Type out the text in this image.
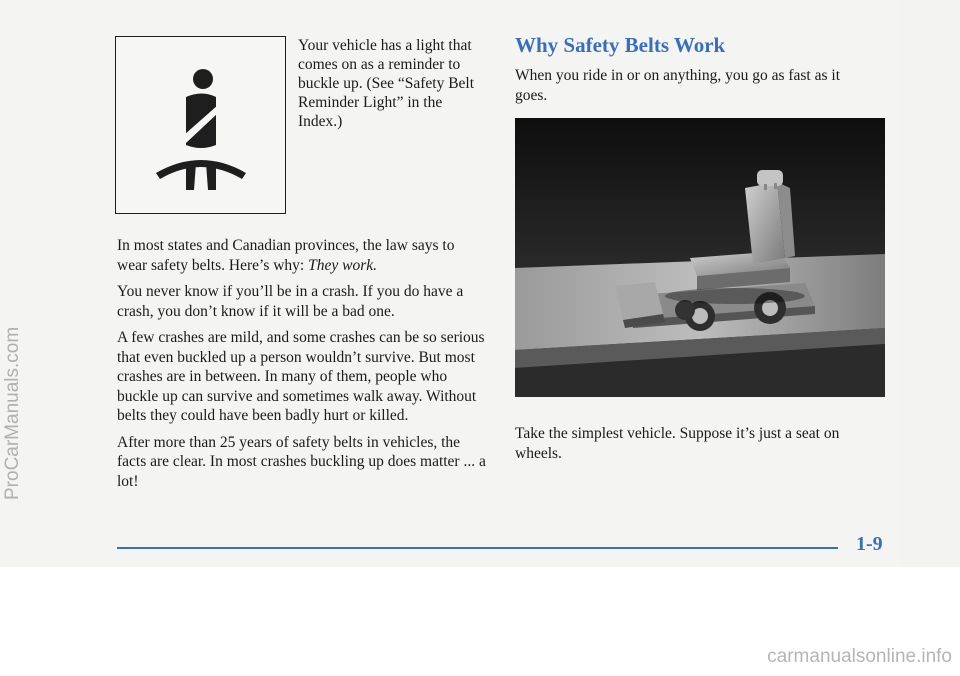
Your vehicle has a light that comes on as a reminder to buckle up. (See “Safety Belt Reminder Light” in the Index.)

In most states and Canadian provinces, the law says to wear safety belts. Here’s why: They work.

You never know if you’ll be in a crash. If you do have a crash, you don’t know if it will be a bad one.

A few crashes are mild, and some crashes can be so serious that even buckled up a person wouldn’t survive. But most crashes are in between. In many of them, people who buckle up can survive and sometimes walk away. Without belts they could have been badly hurt or killed.

After more than 25 years of safety belts in vehicles, the facts are clear. In most crashes buckling up does matter ... a lot!

Why Safety Belts Work

When you ride in or on anything, you go as fast as it goes.

Take the simplest vehicle. Suppose it’s just a seat on wheels.

1-9
ProCarManuals.com
carmanualsonline.info
